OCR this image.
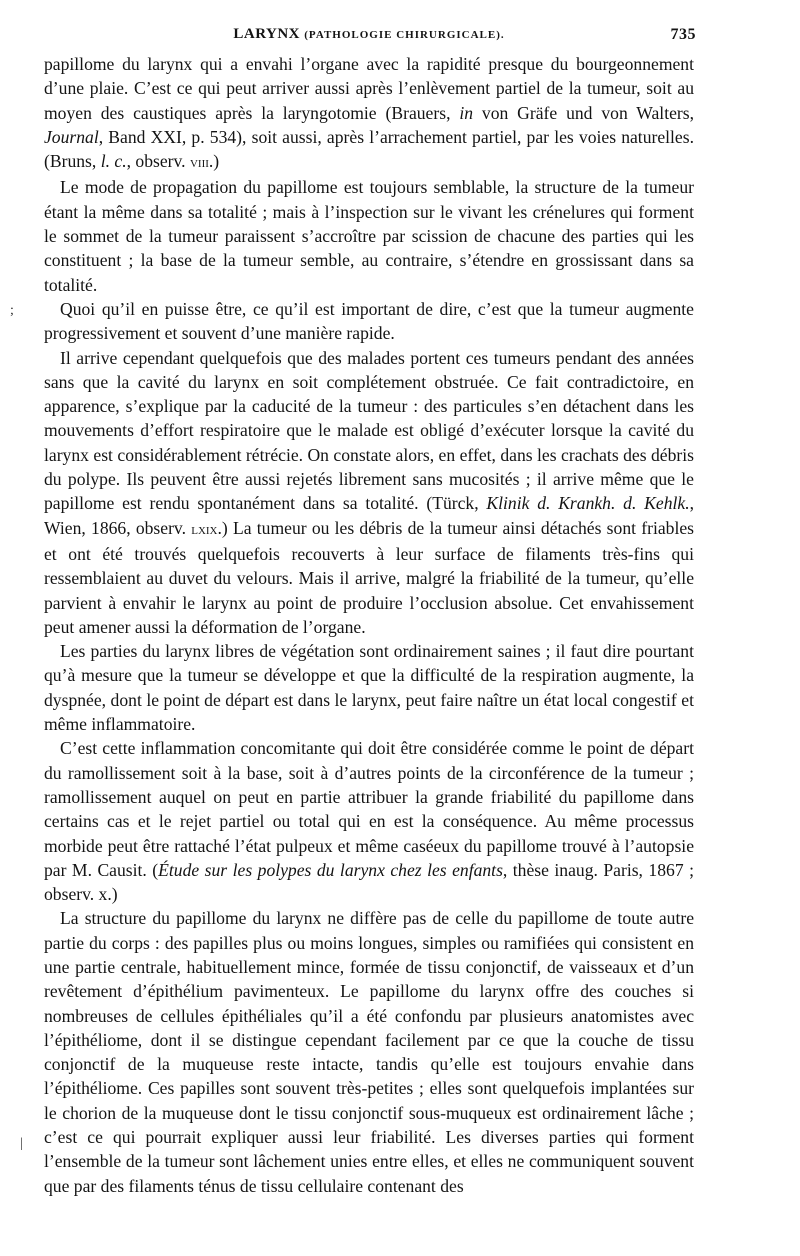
LARYNX (PATHOLOGIE CHIRURGICALE).	735

papillome du larynx qui a envahi l’organe avec la rapidité presque du bourgeonnement d’une plaie. C’est ce qui peut arriver aussi après l’enlèvement partiel de la tumeur, soit au moyen des caustiques après la laryngotomie (Brauers, in von Gräfe und von Walters, Journal, Band XXI, p. 534), soit aussi, après l’arrachement partiel, par les voies naturelles. (Bruns, l. c., observ. viii.)

Le mode de propagation du papillome est toujours semblable, la structure de la tumeur étant la même dans sa totalité ; mais à l’inspection sur le vivant les crénelures qui forment le sommet de la tumeur paraissent s’accroître par scission de chacune des parties qui les constituent ; la base de la tumeur semble, au contraire, s’étendre en grossissant dans sa totalité.

Quoi qu’il en puisse être, ce qu’il est important de dire, c’est que la tumeur augmente progressivement et souvent d’une manière rapide.

Il arrive cependant quelquefois que des malades portent ces tumeurs pendant des années sans que la cavité du larynx en soit complétement obstruée. Ce fait contradictoire, en apparence, s’explique par la caducité de la tumeur : des particules s’en détachent dans les mouvements d’effort respiratoire que le malade est obligé d’exécuter lorsque la cavité du larynx est considérablement rétrécie. On constate alors, en effet, dans les crachats des débris du polype. Ils peuvent être aussi rejetés librement sans mucosités ; il arrive même que le papillome est rendu spontanément dans sa totalité. (Türck, Klinik d. Krankh. d. Kehlk., Wien, 1866, observ. lxix.) La tumeur ou les débris de la tumeur ainsi détachés sont friables et ont été trouvés quelquefois recouverts à leur surface de filaments très-fins qui ressemblaient au duvet du velours. Mais il arrive, malgré la friabilité de la tumeur, qu’elle parvient à envahir le larynx au point de produire l’occlusion absolue. Cet envahissement peut amener aussi la déformation de l’organe.

Les parties du larynx libres de végétation sont ordinairement saines ; il faut dire pourtant qu’à mesure que la tumeur se développe et que la difficulté de la respiration augmente, la dyspnée, dont le point de départ est dans le larynx, peut faire naître un état local congestif et même inflammatoire.

C’est cette inflammation concomitante qui doit être considérée comme le point de départ du ramollissement soit à la base, soit à d’autres points de la circonférence de la tumeur ; ramollissement auquel on peut en partie attribuer la grande friabilité du papillome dans certains cas et le rejet partiel ou total qui en est la conséquence. Au même processus morbide peut être rattaché l’état pulpeux et même caséeux du papillome trouvé à l’autopsie par M. Causit. (Étude sur les polypes du larynx chez les enfants, thèse inaug. Paris, 1867 ; observ. x.)

La structure du papillome du larynx ne diffère pas de celle du papillome de toute autre partie du corps : des papilles plus ou moins longues, simples ou ramifiées qui consistent en une partie centrale, habituellement mince, formée de tissu conjonctif, de vaisseaux et d’un revêtement d’épithélium pavimenteux. Le papillome du larynx offre des couches si nombreuses de cellules épithéliales qu’il a été confondu par plusieurs anatomistes avec l’épithéliome, dont il se distingue cependant facilement par ce que la couche de tissu conjonctif de la muqueuse reste intacte, tandis qu’elle est toujours envahie dans l’épithéliome. Ces papilles sont souvent très-petites ; elles sont quelquefois implantées sur le chorion de la muqueuse dont le tissu conjonctif sous-muqueux est ordinairement lâche ; c’est ce qui pourrait expliquer aussi leur friabilité. Les diverses parties qui forment l’ensemble de la tumeur sont lâchement unies entre elles, et elles ne communiquent souvent que par des filaments ténus de tissu cellulaire contenant des

;
|
